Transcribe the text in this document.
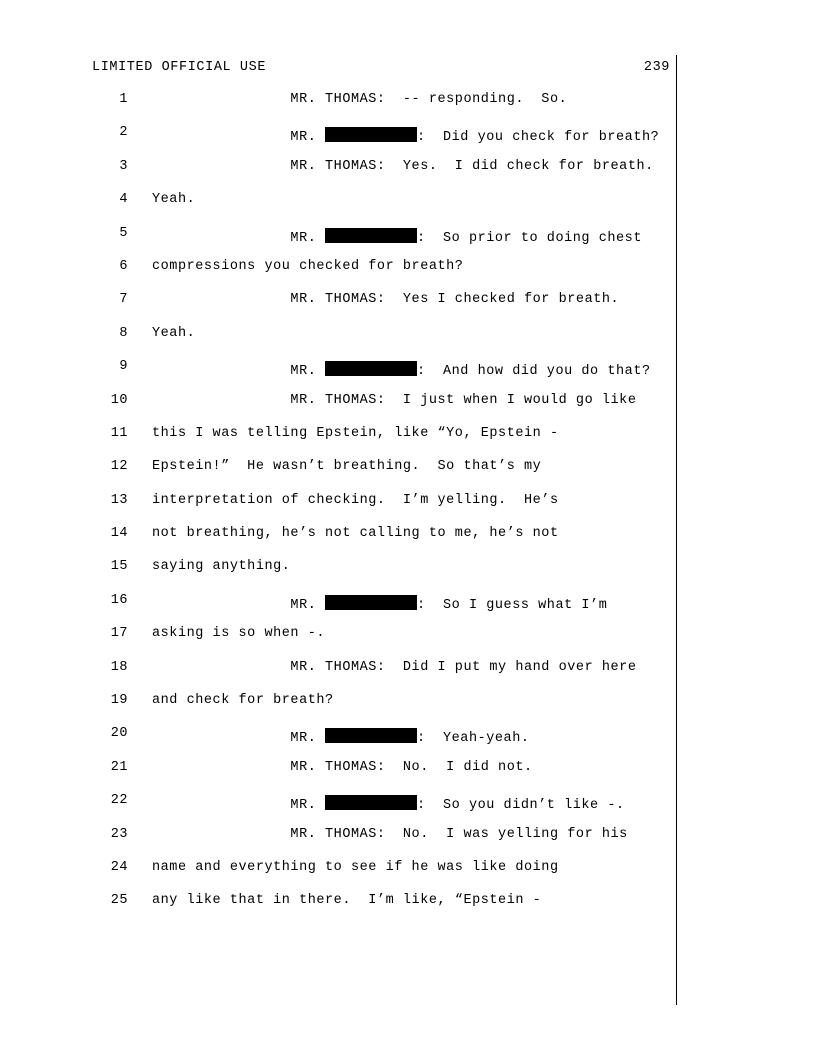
LIMITED OFFICIAL USE	239
1 MR. THOMAS:  -- responding.  So.
2 MR.	:  Did you check for breath?
3 MR. THOMAS:  Yes.  I did check for breath.
4 Yeah.
5 MR.	:  So prior to doing chest
6 compressions you checked for breath?
7 MR. THOMAS:  Yes I checked for breath.
8 Yeah.
9 MR.	:  And how did you do that?
10 MR. THOMAS:  I just when I would go like
11 this I was telling Epstein, like “Yo, Epstein -
12 Epstein!”  He wasn’t breathing.  So that’s my
13 interpretation of checking.  I’m yelling.  He’s
14 not breathing, he’s not calling to me, he’s not
15 saying anything.
16 MR.	:  So I guess what I’m
17 asking is so when -.
18 MR. THOMAS:  Did I put my hand over here
19 and check for breath?
20 MR.	:  Yeah-yeah.
21 MR. THOMAS:  No.  I did not.
22 MR.	:  So you didn’t like -.
23 MR. THOMAS:  No.  I was yelling for his
24 name and everything to see if he was like doing
25 any like that in there.  I’m like, “Epstein -
